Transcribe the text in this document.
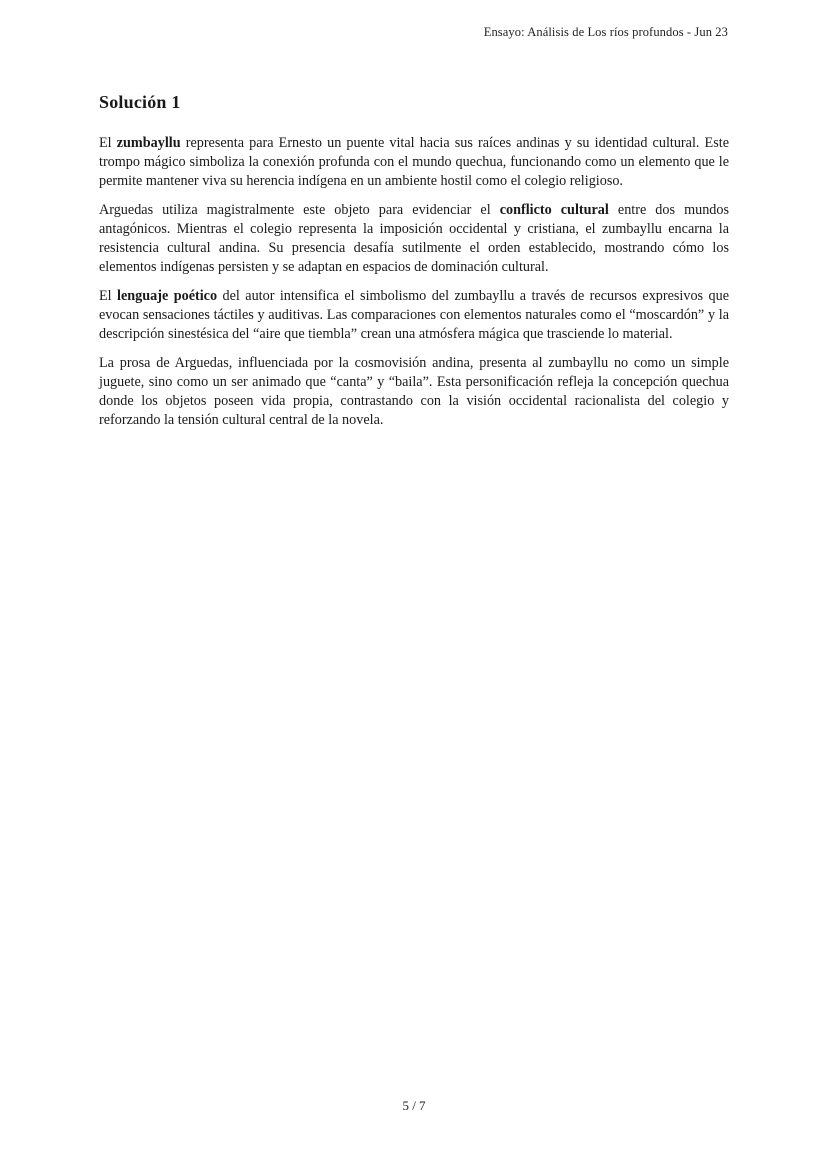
Ensayo: Análisis de Los ríos profundos - Jun 23
Solución 1

El zumbayllu representa para Ernesto un puente vital hacia sus raíces andinas y su identidad cultural. Este trompo mágico simboliza la conexión profunda con el mundo quechua, funcionando como un elemento que le permite mantener viva su herencia indígena en un ambiente hostil como el colegio religioso.

Arguedas utiliza magistralmente este objeto para evidenciar el conflicto cultural entre dos mundos antagónicos. Mientras el colegio representa la imposición occidental y cristiana, el zumbayllu encarna la resistencia cultural andina. Su presencia desafía sutilmente el orden establecido, mostrando cómo los elementos indígenas persisten y se adaptan en espacios de dominación cultural.

El lenguaje poético del autor intensifica el simbolismo del zumbayllu a través de recursos expresivos que evocan sensaciones táctiles y auditivas. Las comparaciones con elementos naturales como el “moscardón” y la descripción sinestésica del “aire que tiembla” crean una atmósfera mágica que trasciende lo material.

La prosa de Arguedas, influenciada por la cosmovisión andina, presenta al zumbayllu no como un simple juguete, sino como un ser animado que “canta” y “baila”. Esta personificación refleja la concepción quechua donde los objetos poseen vida propia, contrastando con la visión occidental racionalista del colegio y reforzando la tensión cultural central de la novela.

5 / 7
